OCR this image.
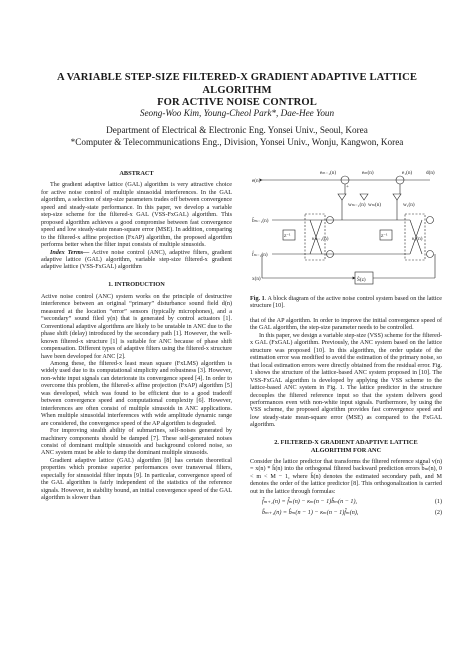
A VARIABLE STEP-SIZE FILTERED-X GRADIENT ADAPTIVE LATTICE ALGORITHM
FOR ACTIVE NOISE CONTROL
Seong-Woo Kim, Young-Cheol Park*, Dae-Hee Youn
Department of Electrical & Electronic Eng. Yonsei Univ., Seoul, Korea
*Computer & Telecommunications Eng., Division, Yonsei Univ., Wonju, Kangwon, Korea
ABSTRACT

The gradient adaptive lattice (GAL) algorithm is very attractive choice for active noise control of multiple sinusoidal interferences. In the GAL algorithm, a selection of step-size parameters trades off between convergence speed and steady-state performance. In this paper, we develop a variable step-size scheme for the filtered-x GAL (VSS-FxGAL) algorithm. This proposed algorithm achieves a good compromise between fast convergence speed and low steady-state mean-square error (MSE). In addition, comparing to the filtered-x affine projection (FxAP) algorithm, the proposed algorithm performs better when the filter input consists of multiple sinusoids.

Index Terms— Active noise control (ANC), adaptive filters, gradient adaptive lattice (GAL) algorithm, variable step-size filtered-x gradient adaptive lattice (VSS-FxGAL) algorithm

1. INTRODUCTION

Active noise control (ANC) system works on the principle of destructive interference between an original “primary” disturbance sound field d(n) measured at the location “error” sensors (typically microphones), and a “secondary” sound filed y(n) that is generated by control actuators [1]. Conventional adaptive algorithms are likely to be unstable in ANC due to the phase shift (delay) introduced by the secondary path [1]. However, the well-known filtered-x structure [1] is suitable for ANC because of phase shift compensation. Different types of adaptive filters using the filtered-x structure have been developed for ANC [2].

Among these, the filtered-x least mean square (FxLMS) algorithm is widely used due to its computational simplicity and robustness [3]. However, non-white input signals can deteriorate its convergence speed [4]. In order to overcome this problem, the filtered-x affine projection (FxAP) algorithm [5] was developed, which was found to be efficient due to a good tradeoff between convergence speed and computational complexity [6]. However, interferences are often consist of multiple sinusoids in ANC applications. When multiple sinusoidal interferences with wide amplitude dynamic range are considered, the convergence speed of the AP algorithm is degraded.

For improving stealth ability of submarines, self-noises generated by machinery components should be damped [7]. These self-generated noises consist of dominant multiple sinusoids and background colored noise, so ANC system must be able to damp the dominant multiple sinusoids.

Gradient adaptive lattice (GAL) algorithm [8] has certain theoretical properties which promise superior performances over transversal filters, especially for sinusoidal filter inputs [9]. In particular, convergence speed of the GAL algorithm is fairly independent of the statistics of the reference signals. However, in stability bound, an initial convergence speed of the GAL algorithm is slower than

e(n)
d(n)
b̂ₘ₋₁(n)
f̂ₘ₋₁(n)
x(n)	Ŝ(z)
eₘ₋₁(n)	eₘ(n)	e₁(n)
wₘ₋₁(n) wₘ(n)	w₁(n)
κₘ₋₁(n)	κ₁(n)
z⁻¹	z⁻¹
+
Fig. 1. A block diagram of the active noise control system based on the lattice structure [10].

that of the AP algorithm. In order to improve the initial convergence speed of the GAL algorithm, the step-size parameter needs to be controlled.

In this paper, we design a variable step-size (VSS) scheme for the filtered-x GAL (FxGAL) algorithm. Previously, the ANC system based on the lattice structure was proposed [10]. In this algorithm, the order update of the estimation error was modified to avoid the estimation of the primary noise, so that local estimation errors were directly obtained from the residual error. Fig. 1 shows the structure of the lattice-based ANC system proposed in [10]. The VSS-FxGAL algorithm is developed by applying the VSS scheme to the lattice-based ANC system in Fig. 1. The lattice predictor in the structure decouples the filtered reference input so that the system delivers good performances even with non-white input signals. Furthermore, by using the VSS scheme, the proposed algorithm provides fast convergence speed and low steady-state mean-square error (MSE) as compared to the FxGAL algorithm.

2. FILTERED-X GRADIENT ADAPTIVE LATTICE
ALGORITHM FOR ANC

Consider the lattice predictor that transforms the filtered reference signal v(n) = x(n) * ĥ(n) into the orthogonal filtered backward prediction errors b̂ₘ(n), 0 < m < M − 1, where ĥ(n) denotes the estimated secondary path, and M denotes the order of the lattice predictor [8]. This orthogonalization is carried out in the lattice through formulas:

f̂ₘ₊₁(n) = f̂ₘ(n) − κₘ(n − 1)b̂ₘ(n − 1),	(1)
b̂ₘ₊₁(n) = b̂ₘ(n − 1) − κₘ(n − 1)f̂ₘ(n),	(2)
